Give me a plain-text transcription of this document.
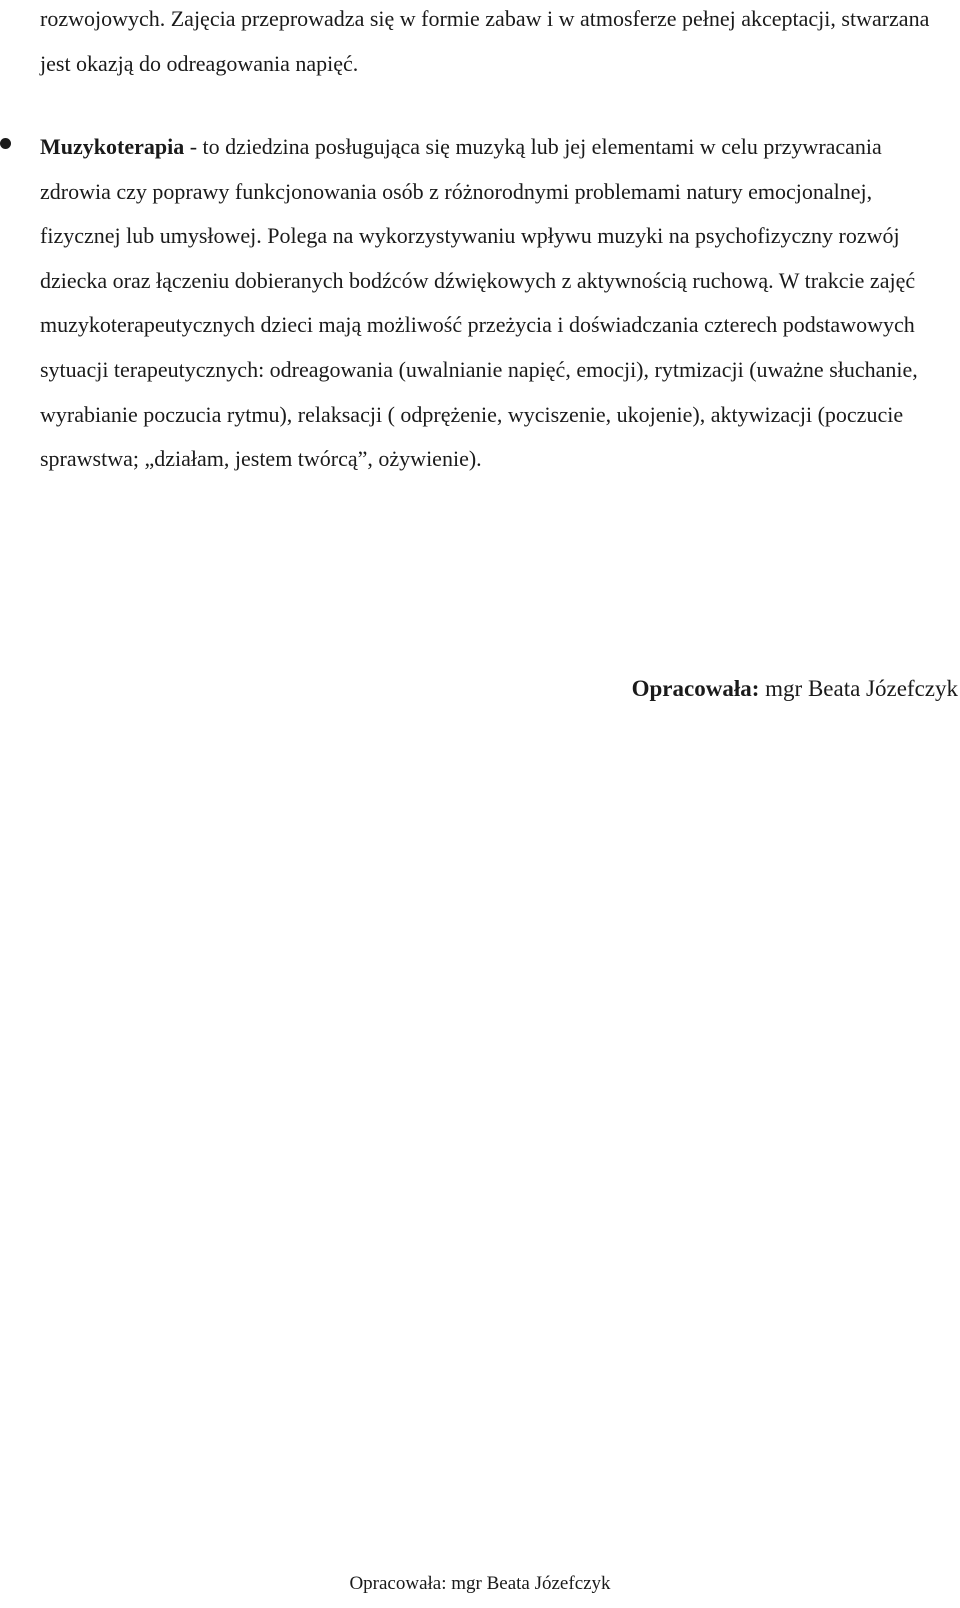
rozwojowych. Zajęcia przeprowadza się w formie zabaw i w atmosferze pełnej akceptacji, stwarzana jest okazją do odreagowania napięć.

Muzykoterapia - to dziedzina posługująca się muzyką lub jej elementami w celu przywracania zdrowia czy poprawy funkcjonowania osób z różnorodnymi problemami natury emocjonalnej, fizycznej lub umysłowej. Polega na wykorzystywaniu wpływu muzyki na psychofizyczny rozwój dziecka oraz łączeniu dobieranych bodźców dźwiękowych z aktywnością ruchową. W trakcie zajęć muzykoterapeutycznych dzieci mają możliwość przeżycia i doświadczania czterech podstawowych sytuacji terapeutycznych: odreagowania (uwalnianie napięć, emocji), rytmizacji (uważne słuchanie, wyrabianie poczucia rytmu), relaksacji ( odprężenie, wyciszenie, ukojenie), aktywizacji (poczucie sprawstwa; „działam, jestem twórcą”, ożywienie).

Opracowała: mgr Beata Józefczyk
Opracowała: mgr Beata Józefczyk
